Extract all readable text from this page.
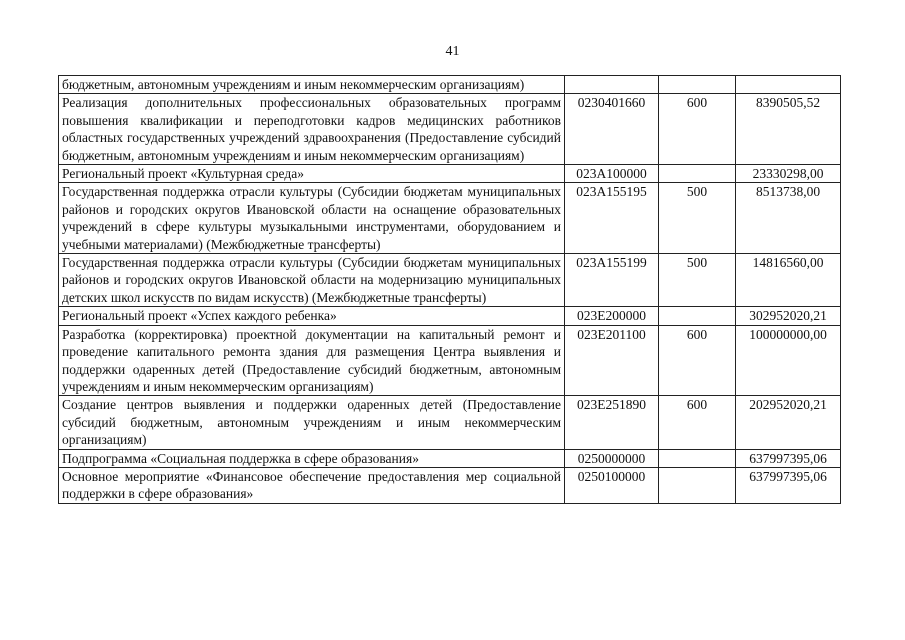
41
бюджетным, автономным учреждениям и иным некоммерческим организациям)			
Реализация дополнительных профессиональных образовательных программ повышения квалификации и переподготовки кадров медицинских работников областных государственных учреждений здравоохранения (Предоставление субсидий бюджетным, автономным учреждениям и иным некоммерческим организациям)	0230401660	600	8390505,52
Региональный проект «Культурная среда»	023А100000		23330298,00
Государственная поддержка отрасли культуры (Субсидии бюджетам муниципальных районов и городских округов Ивановской области на оснащение образовательных учреждений в сфере культуры музыкальными инструментами, оборудованием и учебными материалами) (Межбюджетные трансферты)	023А155195	500	8513738,00
Государственная поддержка отрасли культуры (Субсидии бюджетам муниципальных районов и городских округов Ивановской области на модернизацию муниципальных детских школ искусств по видам искусств) (Межбюджетные трансферты)	023А155199	500	14816560,00
Региональный проект «Успех каждого ребенка»	023Е200000		302952020,21
Разработка (корректировка) проектной документации на капитальный ремонт и проведение капитального ремонта здания для размещения Центра выявления и поддержки одаренных детей (Предоставление субсидий бюджетным, автономным учреждениям и иным некоммерческим организациям)	023Е201100	600	100000000,00
Создание центров выявления и поддержки одаренных детей (Предоставление субсидий бюджетным, автономным учреждениям и иным некоммерческим организациям)	023Е251890	600	202952020,21
Подпрограмма «Социальная поддержка в сфере образования»	0250000000		637997395,06
Основное мероприятие «Финансовое обеспечение предоставления мер социальной поддержки в сфере образования»	0250100000		637997395,06
